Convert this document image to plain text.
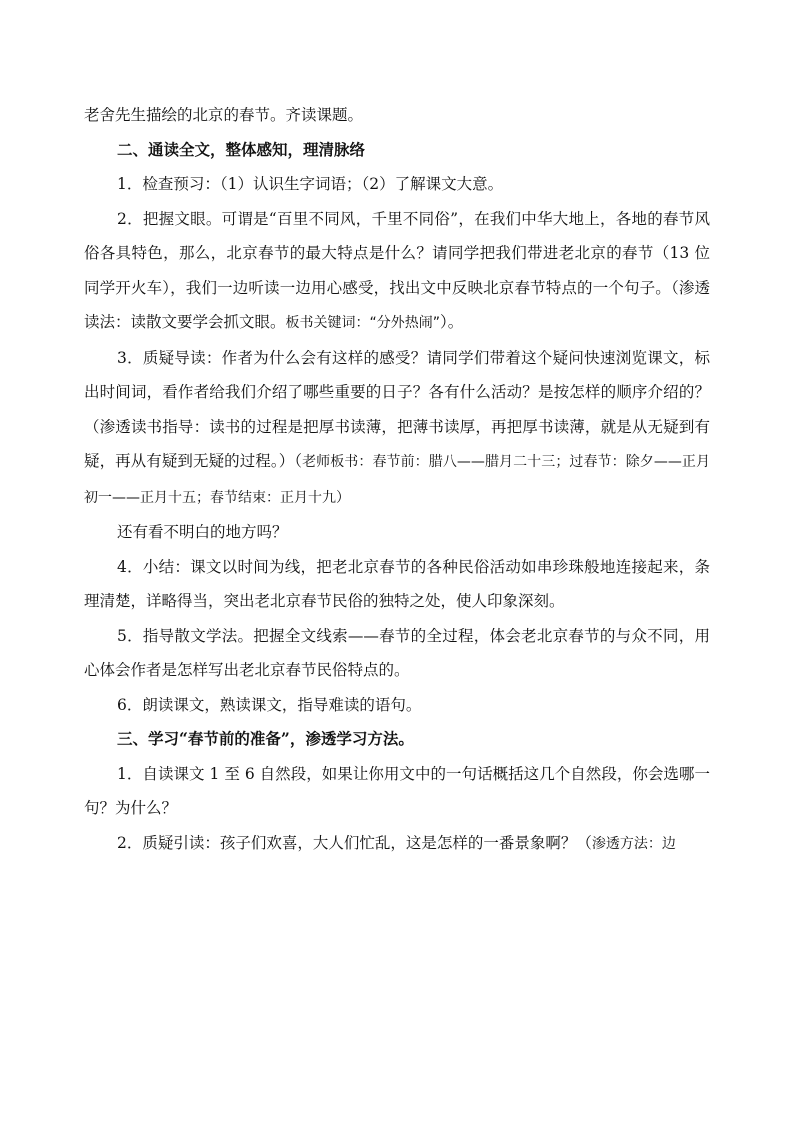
老舍先生描绘的北京的春节。齐读课题。

二、通读全文，整体感知，理清脉络

1．检查预习：（1）认识生字词语；（2）了解课文大意。

2．把握文眼。可谓是“百里不同风，千里不同俗”，在我们中华大地上，各地的春节风俗各具特色，那么，北京春节的最大特点是什么？请同学把我们带进老北京的春节（13 位同学开火车），我们一边听读一边用心感受，找出文中反映北京春节特点的一个句子。（渗透读法：读散文要学会抓文眼。板书关键词：“分外热闹”）。

3．质疑导读：作者为什么会有这样的感受？请同学们带着这个疑问快速浏览课文，标出时间词，看作者给我们介绍了哪些重要的日子？各有什么活动？是按怎样的顺序介绍的？（渗透读书指导：读书的过程是把厚书读薄，把薄书读厚，再把厚书读薄，就是从无疑到有疑，再从有疑到无疑的过程。）（老师板书：春节前：腊八——腊月二十三；过春节：除夕——正月初一——正月十五；春节结束：正月十九）

还有看不明白的地方吗？

4．小结：课文以时间为线，把老北京春节的各种民俗活动如串珍珠般地连接起来，条理清楚，详略得当，突出老北京春节民俗的独特之处，使人印象深刻。

5．指导散文学法。把握全文线索——春节的全过程，体会老北京春节的与众不同，用心体会作者是怎样写出老北京春节民俗特点的。

6．朗读课文，熟读课文，指导难读的语句。

三、学习“春节前的准备”，渗透学习方法。

1．自读课文 1 至 6 自然段，如果让你用文中的一句话概括这几个自然段，你会选哪一句？为什么？

2．质疑引读：孩子们欢喜，大人们忙乱，这是怎样的一番景象啊？（渗透方法：边
